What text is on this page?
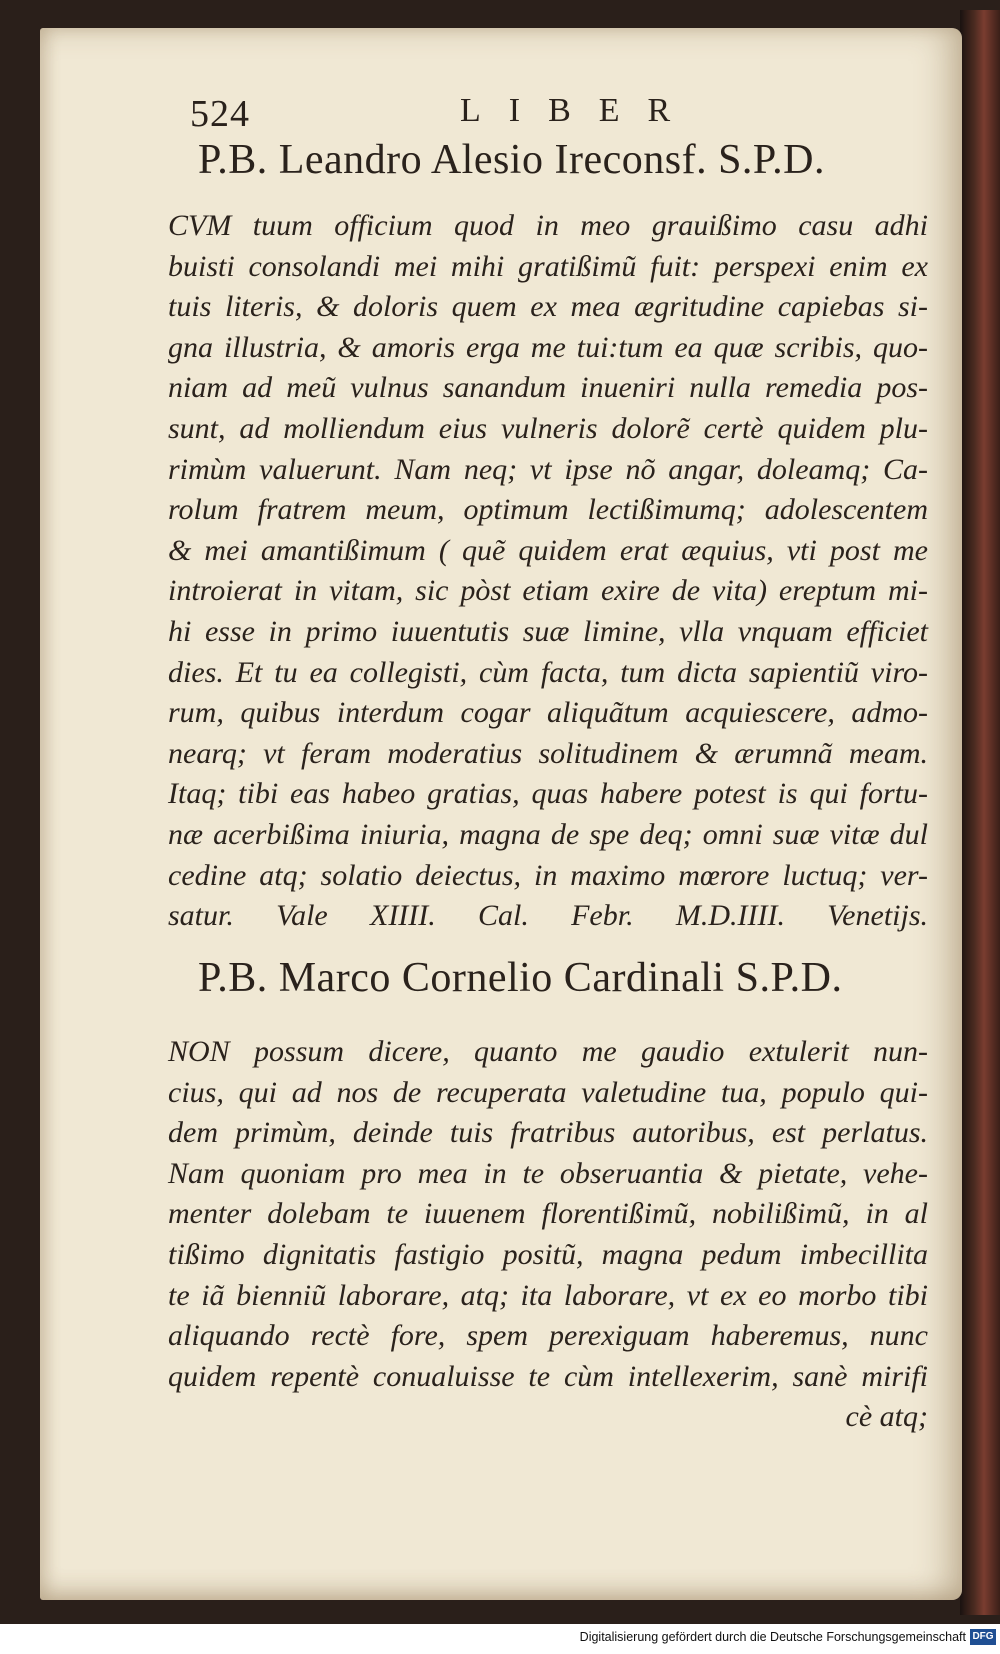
524	LIBER
P.B. Leandro Alesio Ireconsf. S.P.D.
CVM tuum officium quod in meo grauißimo casu adhi
buisti consolandi mei mihi gratißimũ fuit: perspexi enim ex
tuis literis, & doloris quem ex mea ægritudine capiebas si-
gna illustria, & amoris erga me tui:tum ea quæ scribis, quo-
niam ad meũ vulnus sanandum inueniri nulla remedia pos-
sunt, ad molliendum eius vulneris dolorẽ certè quidem plu-
rimùm valuerunt. Nam neq; vt ipse nõ angar, doleamq; Ca-
rolum fratrem meum, optimum lectißimumq; adolescentem
& mei amantißimum ( quẽ quidem erat æquius, vti post me
introierat in vitam, sic pòst etiam exire de vita) ereptum mi-
hi esse in primo iuuentutis suæ limine, vlla vnquam efficiet
dies. Et tu ea collegisti, cùm facta, tum dicta sapientiũ viro-
rum, quibus interdum cogar aliquãtum acquiescere, admo-
nearq; vt feram moderatius solitudinem & ærumnã meam.
Itaq; tibi eas habeo gratias, quas habere potest is qui fortu-
næ acerbißima iniuria, magna de spe deq; omni suæ vitæ dul
cedine atq; solatio deiectus, in maximo mœrore luctuq; ver-
satur. Vale XIIII. Cal. Febr. M.D.IIII. Venetijs.
P.B. Marco Cornelio Cardinali S.P.D.
NON possum dicere, quanto me gaudio extulerit nun-
cius, qui ad nos de recuperata valetudine tua, populo qui-
dem primùm, deinde tuis fratribus autoribus, est perlatus.
Nam quoniam pro mea in te obseruantia & pietate, vehe-
menter dolebam te iuuenem florentißimũ, nobilißimũ, in al
tißimo dignitatis fastigio positũ, magna pedum imbecillita
te iã bienniũ laborare, atq; ita laborare, vt ex eo morbo tibi
aliquando rectè fore, spem perexiguam haberemus, nunc
quidem repentè conualuisse te cùm intellexerim, sanè mirifi
cè atq;
Digitalisierung gefördert durch die Deutsche Forschungsgemeinschaft DFG
